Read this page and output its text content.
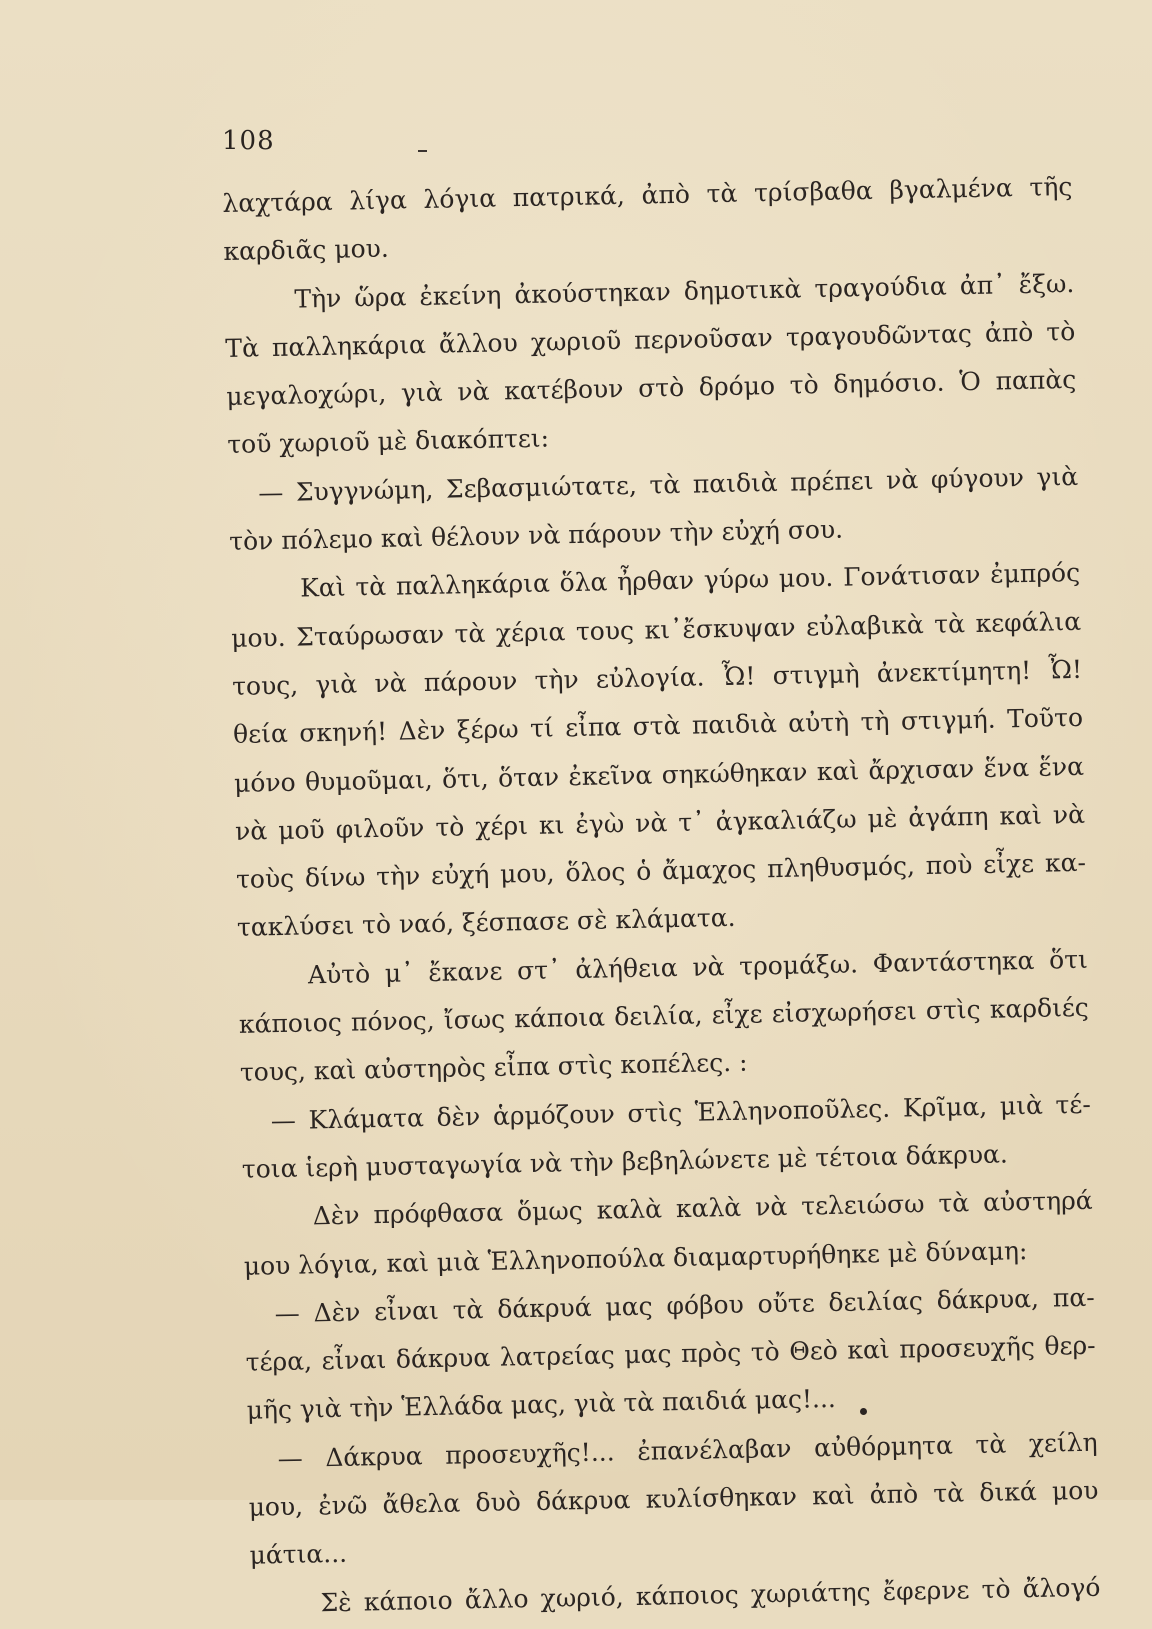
108
λαχτάρα λίγα λόγια πατρικά, ἀπὸ τὰ τρίσβαθα βγαλμένα τῆς
καρδιᾶς μου.
Τὴν ὥρα ἐκείνη ἀκούστηκαν δημοτικὰ τραγούδια ἀπ᾽ ἔξω.
Τὰ παλληκάρια ἄλλου χωριοῦ περνοῦσαν τραγουδῶντας ἀπὸ τὸ
μεγαλοχώρι, γιὰ νὰ κατέβουν στὸ δρόμο τὸ δημόσιο. Ὁ παπὰς
τοῦ χωριοῦ μὲ διακόπτει:
— Συγγνώμη, Σεβασμιώτατε, τὰ παιδιὰ πρέπει νὰ φύγουν γιὰ
τὸν πόλεμο καὶ θέλουν νὰ πάρουν τὴν εὐχή σου.
Καὶ τὰ παλληκάρια ὅλα ἦρθαν γύρω μου. Γονάτισαν ἐμπρός
μου. Σταύρωσαν τὰ χέρια τους κι᾽ἔσκυψαν εὐλαβικὰ τὰ κεφάλια
τους, γιὰ νὰ πάρουν τὴν εὐλογία. Ὦ! στιγμὴ ἀνεκτίμητη! Ὦ!
θεία σκηνή! Δὲν ξέρω τί εἶπα στὰ παιδιὰ αὐτὴ τὴ στιγμή. Τοῦτο
μόνο θυμοῦμαι, ὅτι, ὅταν ἐκεῖνα σηκώθηκαν καὶ ἄρχισαν ἕνα ἕνα
νὰ μοῦ φιλοῦν τὸ χέρι κι ἐγὼ νὰ τ᾽ ἀγκαλιάζω μὲ ἀγάπη καὶ νὰ
τοὺς δίνω τὴν εὐχή μου, ὅλος ὁ ἄμαχος πληθυσμός, ποὺ εἶχε κα-
τακλύσει τὸ ναό, ξέσπασε σὲ κλάματα.
Αὐτὸ μ᾽ ἔκανε στ᾽ ἀλήθεια νὰ τρομάξω. Φαντάστηκα ὅτι
κάποιος πόνος, ἴσως κάποια δειλία, εἶχε εἰσχωρήσει στὶς καρδιές
τους, καὶ αὐστηρὸς εἶπα στὶς κοπέλες. :
— Κλάματα δὲν ἁρμόζουν στὶς Ἑλληνοποῦλες. Κρῖμα, μιὰ τέ-
τοια ἱερὴ μυσταγωγία νὰ τὴν βεβηλώνετε μὲ τέτοια δάκρυα.
Δὲν πρόφθασα ὅμως καλὰ καλὰ νὰ τελειώσω τὰ αὐστηρά
μου λόγια, καὶ μιὰ Ἑλληνοπούλα διαμαρτυρήθηκε μὲ δύναμη:
— Δὲν εἶναι τὰ δάκρυά μας φόβου οὔτε δειλίας δάκρυα, πα-
τέρα, εἶναι δάκρυα λατρείας μας πρὸς τὸ Θεὸ καὶ προσευχῆς θερ-
μῆς γιὰ τὴν Ἑλλάδα μας, γιὰ τὰ παιδιά μας!...
— Δάκρυα προσευχῆς!... ἐπανέλαβαν αὐθόρμητα τὰ χείλη
μου, ἐνῶ ἄθελα δυὸ δάκρυα κυλίσθηκαν καὶ ἀπὸ τὰ δικά μου
μάτια...
Σὲ κάποιο ἄλλο χωριό, κάποιος χωριάτης ἔφερνε τὸ ἄλογό
